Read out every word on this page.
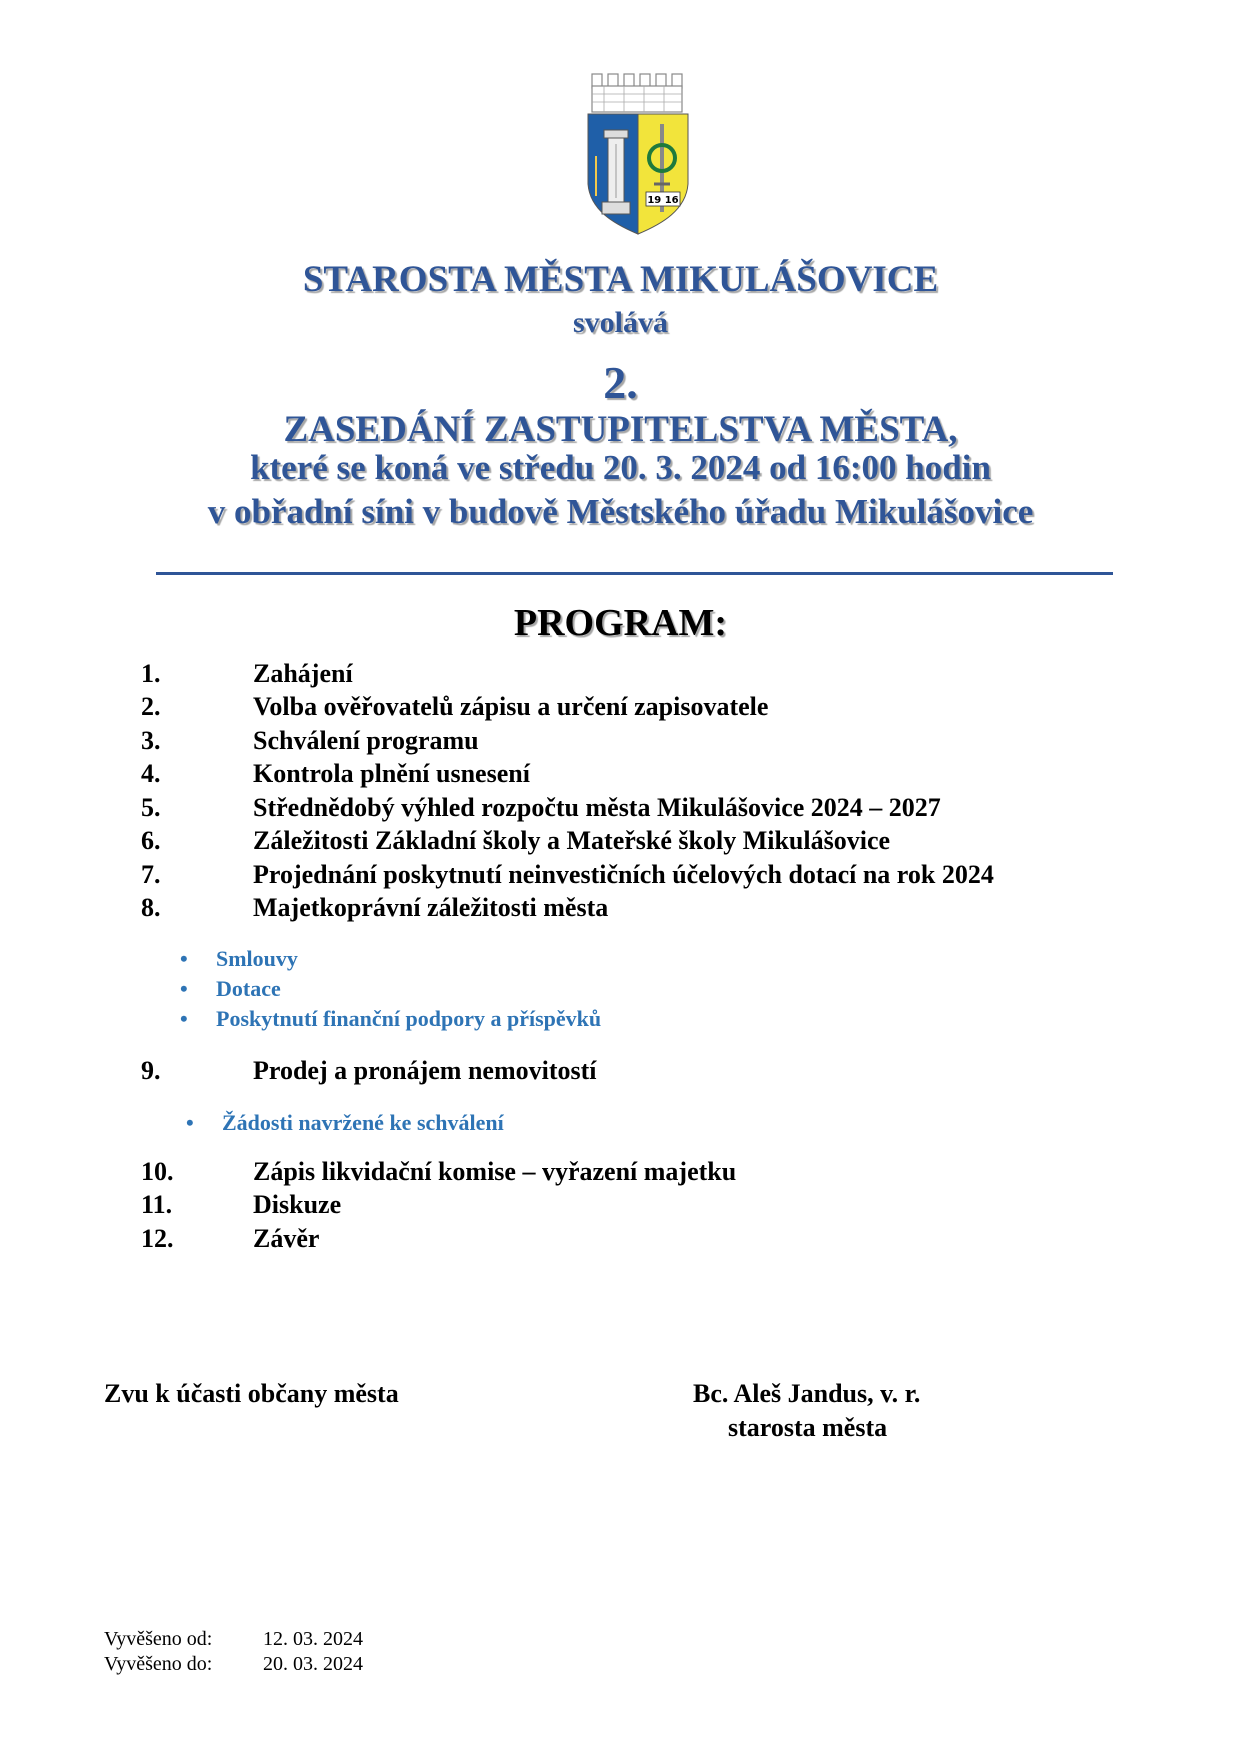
19 16
STAROSTA MĚSTA MIKULÁŠOVICE
svolává
2.
ZASEDÁNÍ ZASTUPITELSTVA MĚSTA,
které se koná ve středu 20. 3. 2024 od 16:00 hodin
v obřadní síni v budově Městského úřadu Mikulášovice
PROGRAM:
1.	Zahájení
2.	Volba ověřovatelů zápisu a určení zapisovatele
3.	Schválení programu
4.	Kontrola plnění usnesení
5.	Střednědobý výhled rozpočtu města Mikulášovice 2024 – 2027
6.	Záležitosti Základní školy a Mateřské školy Mikulášovice
7.	Projednání poskytnutí neinvestičních účelových dotací na rok 2024
8.	Majetkoprávní záležitosti města
• Smlouvy
• Dotace
• Poskytnutí finanční podpory a příspěvků
9.	Prodej a pronájem nemovitostí
• Žádosti navržené ke schválení
10.	Zápis likvidační komise – vyřazení majetku
11.	Diskuze
12.	Závěr
Zvu k účasti občany města	Bc. Aleš Jandus, v. r.
starosta města
Vyvěšeno od:	12. 03. 2024
Vyvěšeno do:	20. 03. 2024
